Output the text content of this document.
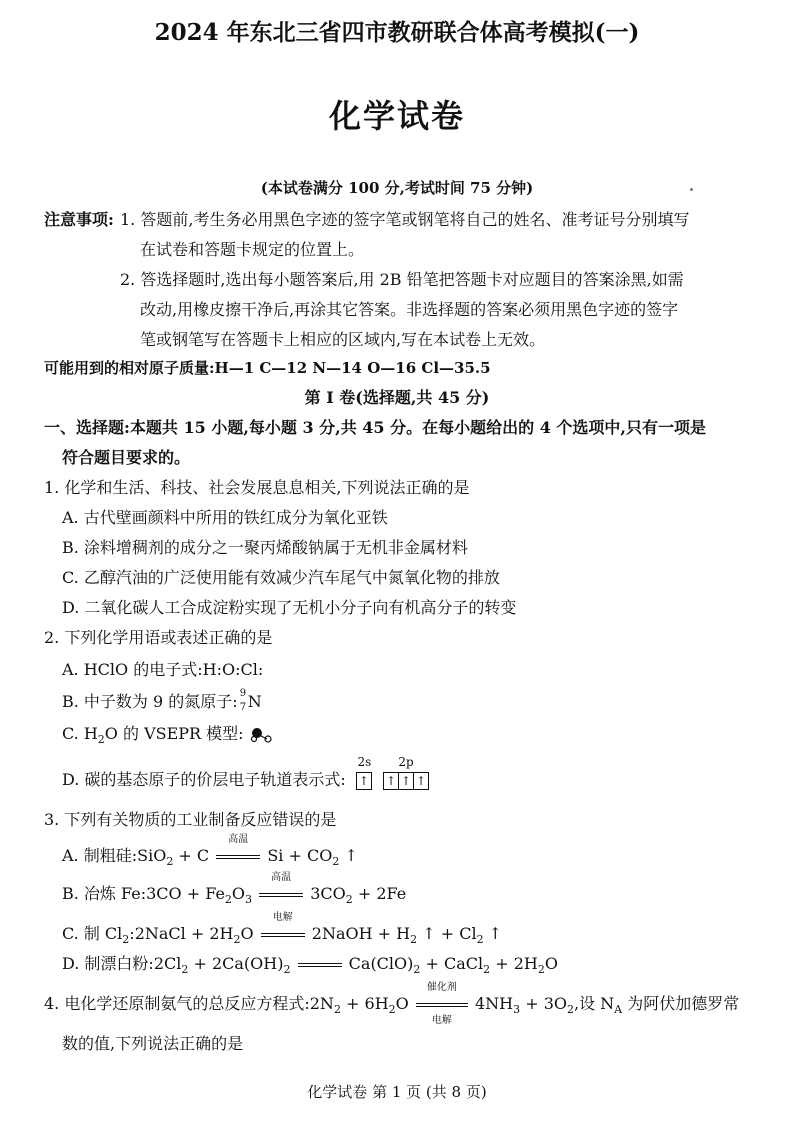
2024 年东北三省四市教研联合体高考模拟(一)
化学试卷
(本试卷满分 100 分,考试时间 75 分钟)
注意事项: 1. 答题前,考生务必用黑色字迹的签字笔或钢笔将自己的姓名、准考证号分别填写
在试卷和答题卡规定的位置上。
2. 答选择题时,选出每小题答案后,用 2B 铅笔把答题卡对应题目的答案涂黑,如需
改动,用橡皮擦干净后,再涂其它答案。非选择题的答案必须用黑色字迹的签字
笔或钢笔写在答题卡上相应的区域内,写在本试卷上无效。
可能用到的相对原子质量:H—1 C—12 N—14 O—16 Cl—35.5
第 I 卷(选择题,共 45 分)
一、选择题:本题共 15 小题,每小题 3 分,共 45 分。在每小题给出的 4 个选项中,只有一项是
符合题目要求的。
1. 化学和生活、科技、社会发展息息相关,下列说法正确的是
A. 古代壁画颜料中所用的铁红成分为氧化亚铁
B. 涂料增稠剂的成分之一聚丙烯酸钠属于无机非金属材料
C. 乙醇汽油的广泛使用能有效减少汽车尾气中氮氧化物的排放
D. 二氧化碳人工合成淀粉实现了无机小分子向有机高分子的转变
2. 下列化学用语或表述正确的是
A. HClO 的电子式:H:O:Cl:
B. 中子数为 9 的氮原子: 9
7 N
C. $H_2O$ 的 VSEPR 模型:
D. 碳的基态原子的价层电子轨道表示式:
2s
↑
2p
↑ ↑ ↑
3. 下列有关物质的工业制备反应错误的是
A. 制粗硅:SiO$_2$ + C
高温
$Si + CO_2$ ↑
B. 冶炼 Fe:3CO + $Fe_2O_3$
高温
$3CO_2 + 2Fe$
C. 制 $Cl_2:2NaCl + 2H_2O$
电解
2NaOH + $H_2$ ↑ + $Cl_2$ ↑
D. 制漂白粉$:2Cl_2 + 2Ca(OH)_2$	$Ca(ClO)_2$ + CaCl$_2$ + $2H_2O$
4. 电化学还原制氨气的总反应方程式$:2N_2 + 6H_2O$
催化剂
电解
$4NH_3 + 3O_2$,设 $N_A$ 为阿伏加德罗常
数的值,下列说法正确的是
化学试卷 第 1 页 (共 8 页)
